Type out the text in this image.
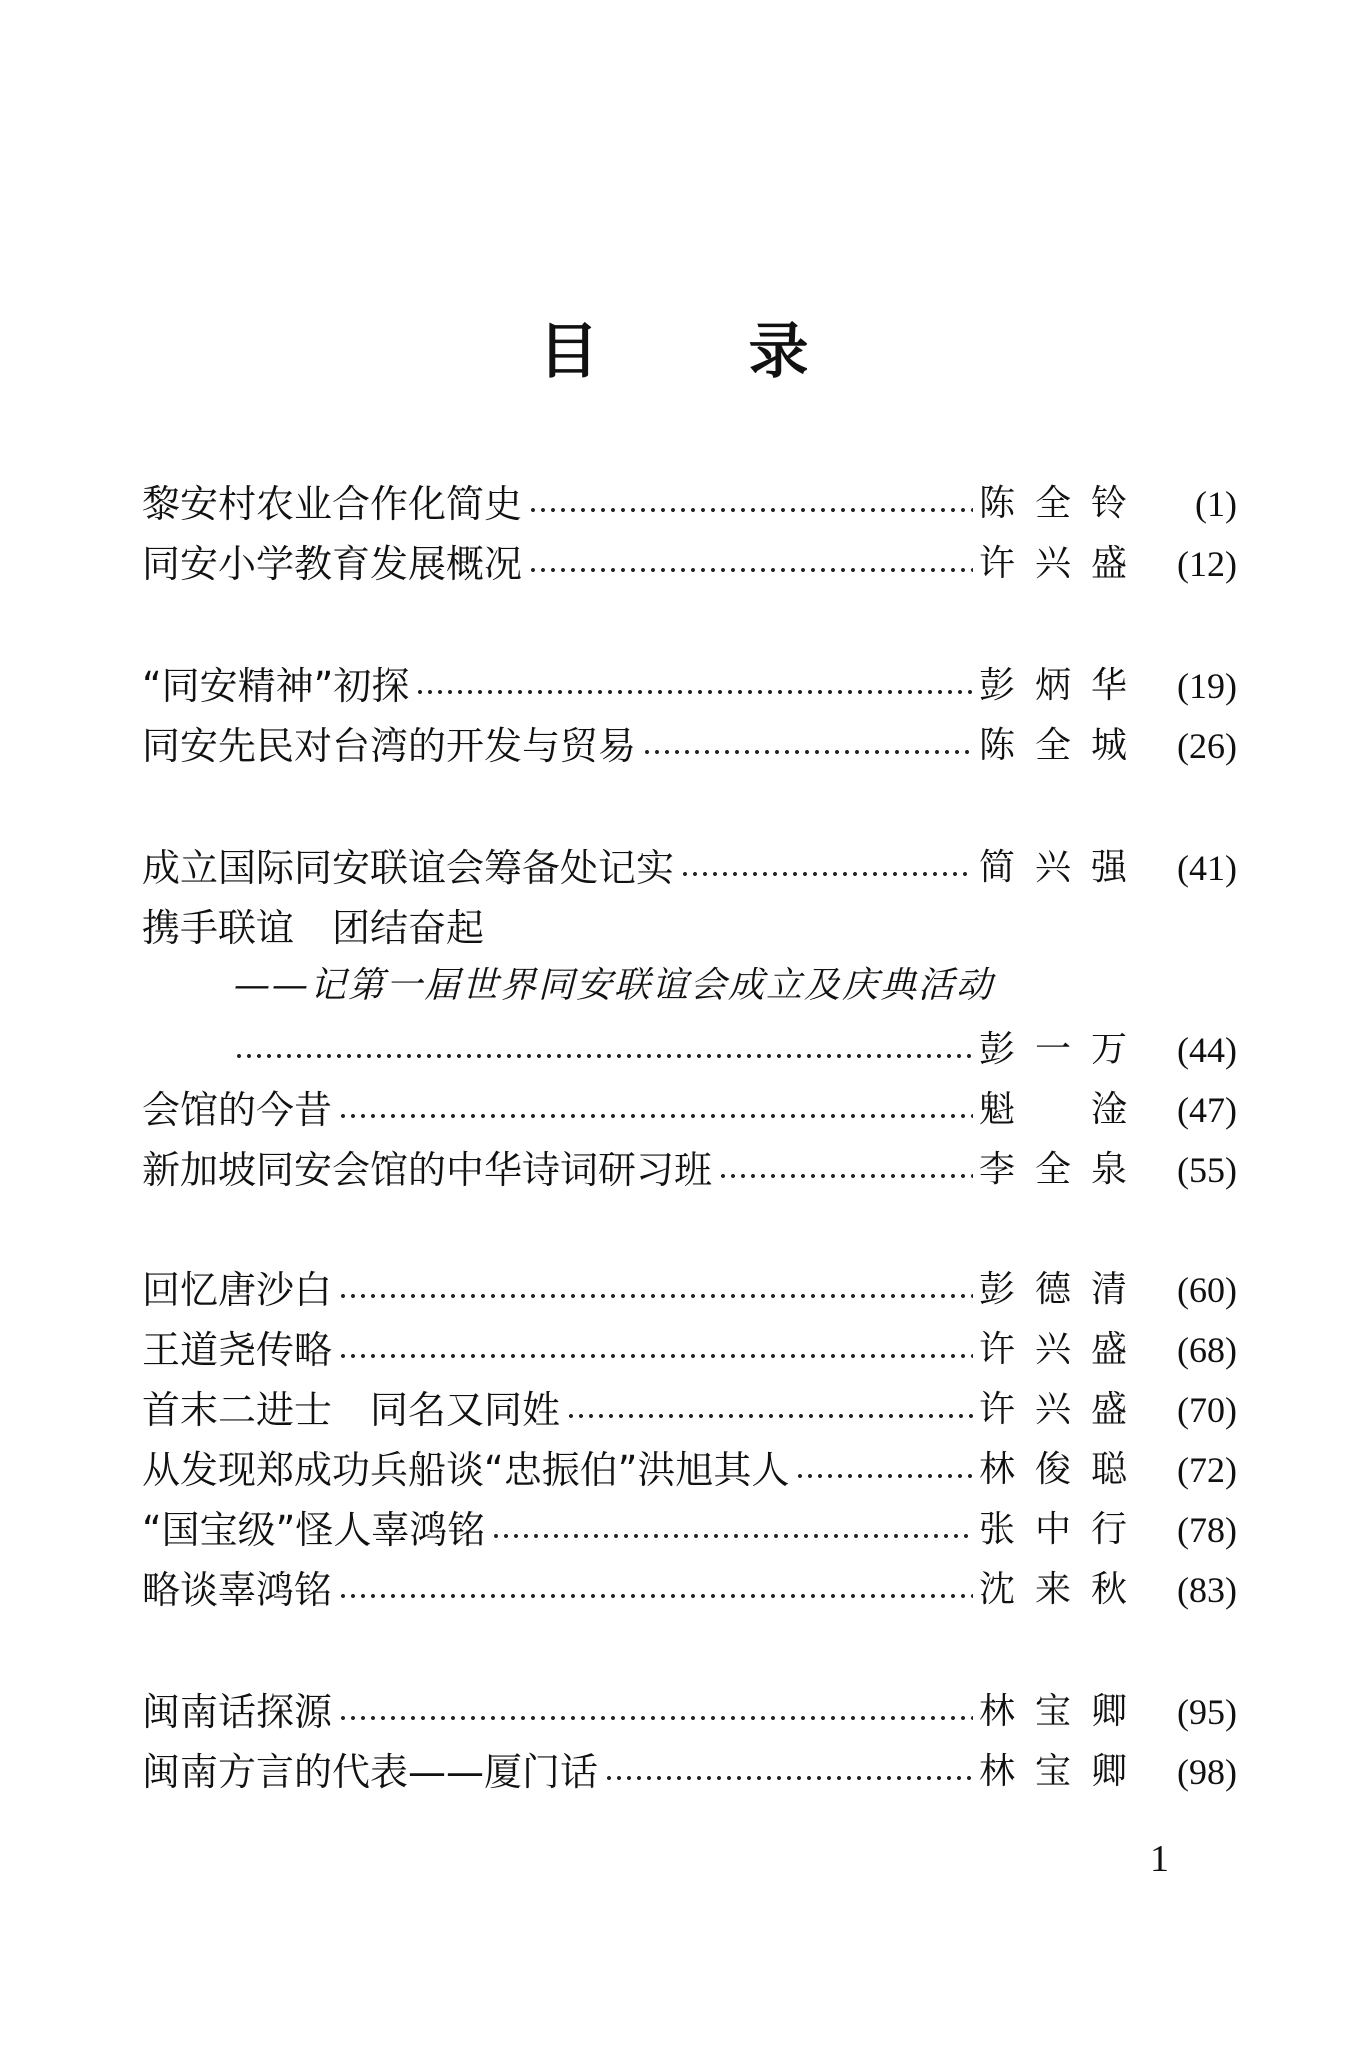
目	录
黎安村农业合作化简史	陈全铃	(1)
同安小学教育发展概况	许兴盛	(12)
“同安精神”初探	彭炳华	(19)
同安先民对台湾的开发与贸易	陈全城	(26)
成立国际同安联谊会筹备处记实	简兴强	(41)
携手联谊　团结奋起
——记第一届世界同安联谊会成立及庆典活动
彭一万	(44)
会馆的今昔	魁　淦	(47)
新加坡同安会馆的中华诗词研习班	李全泉	(55)
回忆唐沙白	彭德清	(60)
王道尧传略	许兴盛	(68)
首末二进士　同名又同姓	许兴盛	(70)
从发现郑成功兵船谈“忠振伯”洪旭其人	林俊聪	(72)
“国宝级”怪人辜鸿铭	张中行	(78)
略谈辜鸿铭	沈来秋	(83)
闽南话探源	林宝卿	(95)
闽南方言的代表——厦门话	林宝卿	(98)
1
